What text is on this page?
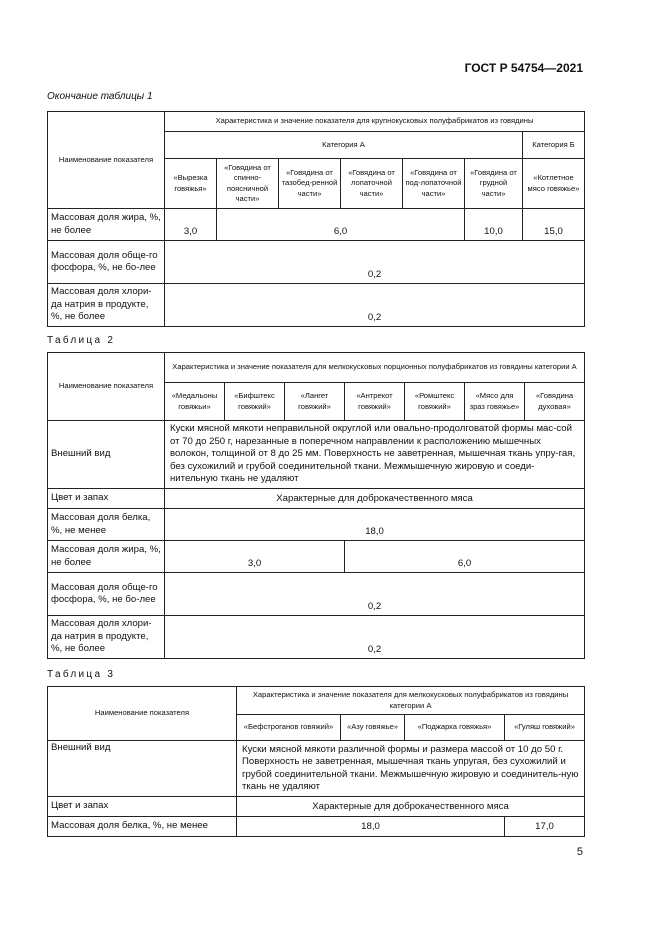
ГОСТ Р 54754—2021
Окончание таблицы 1
Наименование показателя	Характеристика и значение показателя для крупнокусковых полуфабрикатов из говядины						
	Категория А						Категория Б
	«Вырезка говяжья»	«Говядина от спинно-поясничной части»	«Говядина от тазобед-ренной части»	«Говядина от лопаточной части»	«Говядина от под-лопаточной части»	«Говядина от грудной части»	«Котлетное мясо говяжье»
Массовая доля жира, %, не более	3,0	6,0				10,0	15,0
Массовая доля обще-го фосфора, %, не бо-лее	0,2						
Массовая доля хлори-да натрия в продукте, %, не более	0,2						
Таблица 2
Наименование показателя	Характеристика и значение показателя для мелкокусковых порционных полуфабрикатов из говядины категории А						
	«Медальоны говяжьи»	«Бифштекс говяжий»	«Лангет говяжий»	«Антрекот говяжий»	«Ромштекс говяжий»	«Мясо для зраз говяжье»	«Говядина духовая»
Внешний вид	Куски мясной мякоти неправильной округлой или овально-продолговатой формы мас-сой от 70 до 250 г, нарезанные в поперечном направлении к расположению мышечных волокон, толщиной от 8 до 25 мм. Поверхность не заветренная, мышечная ткань упру-гая, без сухожилий и грубой соединительной ткани. Межмышечную жировую и соеди-нительную ткань не удаляют						
Цвет и запах	Характерные для доброкачественного мяса						
Массовая доля белка, %, не менее	18,0						
Массовая доля жира, %, не более	3,0			6,0			
Массовая доля обще-го фосфора, %, не бо-лее	0,2						
Массовая доля хлори-да натрия в продукте, %, не более	0,2						
Таблица 3
Наименование показателя	Характеристика и значение показателя для мелкокусковых полуфабрикатов из говядины категории А			
	«Бефстроганов говяжий»	«Азу говяжье»	«Поджарка говяжья»	«Гуляш говяжий»
Внешний вид	Куски мясной мякоти различной формы и размера массой от 10 до 50 г. Поверхность не заветренная, мышечная ткань упругая, без сухожилий и грубой соединительной ткани. Межмышечную жировую и соединитель-ную ткань не удаляют			
Цвет и запах	Характерные для доброкачественного мяса			
Массовая доля белка, %, не менее	18,0			17,0
5
